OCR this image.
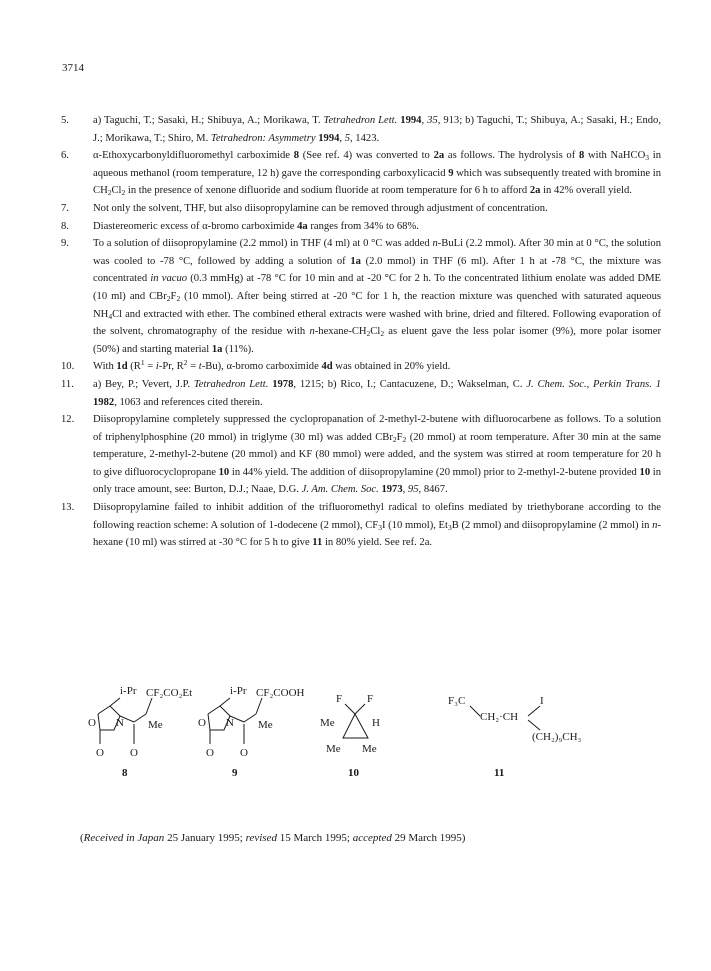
3714
5.	a) Taguchi, T.; Sasaki, H.; Shibuya, A.; Morikawa, T. Tetrahedron Lett. 1994, 35, 913; b) Taguchi, T.; Shibuya, A.; Sasaki, H.; Endo, J.; Morikawa, T.; Shiro, M. Tetrahedron: Asymmetry 1994, 5, 1423.
6.	α-Ethoxycarbonyldifluoromethyl carboximide 8 (See ref. 4) was converted to 2a as follows. The hydrolysis of 8 with NaHCO$_3$ in aqueous methanol (room temperature, 12 h) gave the corresponding carboxylicacid 9 which was subsequently treated with bromine in $CH_2Cl_2$ in the presence of xenone difluoride and sodium fluoride at room temperature for 6 h to afford 2a in 42% overall yield.
7.	Not only the solvent, THF, but also diisopropylamine can be removed through adjustment of concentration.
8.	Diastereomeric excess of α-bromo carboximide 4a ranges from 34% to 68%.
9.	To a solution of diisopropylamine (2.2 mmol) in THF (4 ml) at 0 °C was added n-BuLi (2.2 mmol). After 30 min at 0 °C, the solution was cooled to -78 °C, followed by adding a solution of 1a (2.0 mmol) in THF (6 ml). After 1 h at -78 °C, the mixture was concentrated in vacuo (0.3 mmHg) at -78 °C for 10 min and at -20 °C for 2 h. To the concentrated lithium enolate was added DME (10 ml) and $CBr_2F_2$ (10 mmol). After being stirred at -20 °C for 1 h, the reaction mixture was quenched with saturated aqueous $NH_4Cl$ and extracted with ether. The combined etheral extracts were washed with brine, dried and filtered. Following evaporation of the solvent, chromatography of the residue with $n-hexane-CH_2Cl_2$ as eluent gave the less polar isomer (9%), more polar isomer (50%) and starting material 1a (11%).
10.	With 1d ($R^1 = i-Pr$, $R^2 = t-Bu$), α-bromo carboximide 4d was obtained in 20% yield.
11.	a) Bey, P.; Vevert, J.P. Tetrahedron Lett. 1978, 1215; b) Rico, I.; Cantacuzene, D.; Wakselman, C. J. Chem. Soc., Perkin Trans. 1 1982, 1063 and references cited therein.
12.	Diisopropylamine completely suppressed the cyclopropanation of 2-methyl-2-butene with difluorocarbene as follows. To a solution of triphenylphosphine (20 mmol) in triglyme (30 ml) was added $CBr_2F_2$ (20 mmol) at room temperature. After 30 min at the same temperature, 2-methyl-2-butene (20 mmol) and KF (80 mmol) were added, and the system was stirred at room temperature for 20 h to give difluorocyclopropane 10 in 44% yield. The addition of diisopropylamine (20 mmol) prior to 2-methyl-2-butene provided 10 in only trace amount, see: Burton, D.J.; Naae, D.G. J. Am. Chem. Soc. 1973, 95, 8467.
13.	Diisopropylamine failed to inhibit addition of the trifluoromethyl radical to olefins mediated by triethyborane according to the following reaction scheme: A solution of 1-dodecene (2 mmol), $CF_3I$ (10 mmol), $Et_3B$ (2 mmol) and diisopropylamine (2 mmol) in n-hexane (10 ml) was stirred at -30 °C for 5 h to give 11 in 80% yield. See ref. 2a.
i-Pr CF₂CO₂Et
Me
O N
O O
8
i-Pr CF₂COOH
Me
O N
O O
9
F F
Me	H
Me Me
10
F₃C
CH₂·CH
I
(CH₂)₉CH₃
11
(Received in Japan 25 January 1995; revised 15 March 1995; accepted 29 March 1995)
